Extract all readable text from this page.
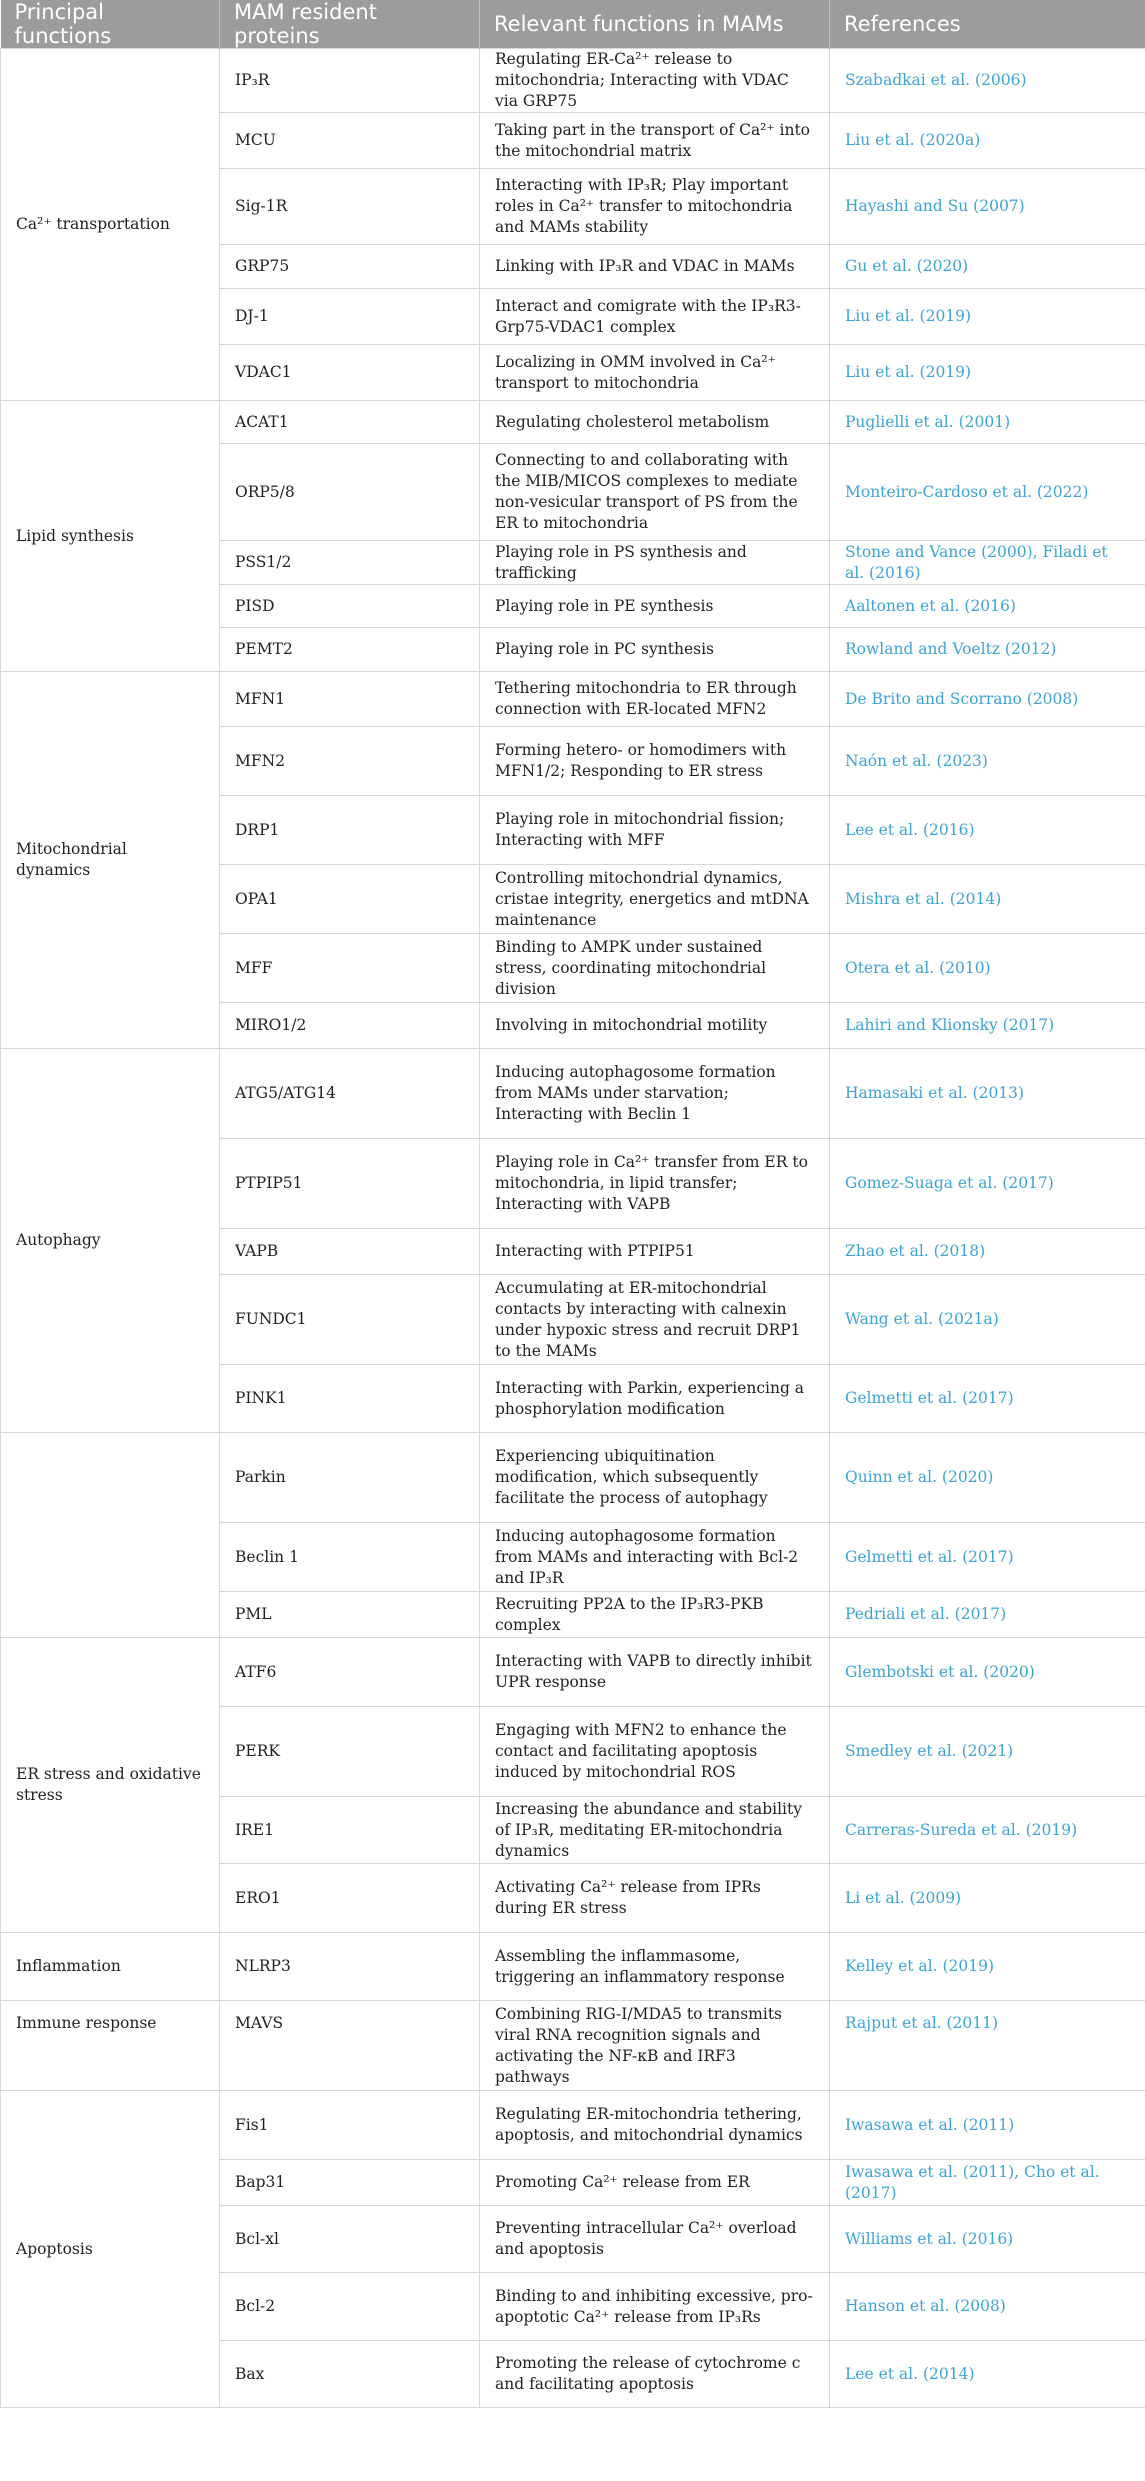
Principal functions	MAM resident proteins	Relevant functions in MAMs	References
Ca²⁺ transportation	IP₃R	Regulating ER-Ca²⁺ release to mitochondria; Interacting with VDAC via GRP75	Szabadkai et al. (2006)
	MCU	Taking part in the transport of Ca²⁺ into the mitochondrial matrix	Liu et al. (2020a)
	Sig-1R	Interacting with IP₃R; Play important roles in Ca²⁺ transfer to mitochondria and MAMs stability	Hayashi and Su (2007)
	GRP75	Linking with IP₃R and VDAC in MAMs	Gu et al. (2020)
	DJ-1	Interact and comigrate with the IP₃R3-Grp75-VDAC1 complex	Liu et al. (2019)
	VDAC1	Localizing in OMM involved in Ca²⁺ transport to mitochondria	Liu et al. (2019)
Lipid synthesis	ACAT1	Regulating cholesterol metabolism	Puglielli et al. (2001)
	ORP5/8	Connecting to and collaborating with the MIB/MICOS complexes to mediate non-vesicular transport of PS from the ER to mitochondria	Monteiro-Cardoso et al. (2022)
	PSS1/2	Playing role in PS synthesis and trafficking	Stone and Vance (2000), Filadi et al. (2016)
	PISD	Playing role in PE synthesis	Aaltonen et al. (2016)
	PEMT2	Playing role in PC synthesis	Rowland and Voeltz (2012)
Mitochondrial dynamics	MFN1	Tethering mitochondria to ER through connection with ER-located MFN2	De Brito and Scorrano (2008)
	MFN2	Forming hetero- or homodimers with MFN1/2; Responding to ER stress	Naón et al. (2023)
	DRP1	Playing role in mitochondrial fission; Interacting with MFF	Lee et al. (2016)
	OPA1	Controlling mitochondrial dynamics, cristae integrity, energetics and mtDNA maintenance	Mishra et al. (2014)
	MFF	Binding to AMPK under sustained stress, coordinating mitochondrial division	Otera et al. (2010)
	MIRO1/2	Involving in mitochondrial motility	Lahiri and Klionsky (2017)
Autophagy	ATG5/ATG14	Inducing autophagosome formation from MAMs under starvation; Interacting with Beclin 1	Hamasaki et al. (2013)
	PTPIP51	Playing role in Ca²⁺ transfer from ER to mitochondria, in lipid transfer; Interacting with VAPB	Gomez-Suaga et al. (2017)
	VAPB	Interacting with PTPIP51	Zhao et al. (2018)
	FUNDC1	Accumulating at ER-mitochondrial contacts by interacting with calnexin under hypoxic stress and recruit DRP1 to the MAMs	Wang et al. (2021a)
	PINK1	Interacting with Parkin, experiencing a phosphorylation modification	Gelmetti et al. (2017)
	Parkin	Experiencing ubiquitination modification, which subsequently facilitate the process of autophagy	Quinn et al. (2020)
	Beclin 1	Inducing autophagosome formation from MAMs and interacting with Bcl-2 and IP₃R	Gelmetti et al. (2017)
	PML	Recruiting PP2A to the IP₃R3-PKB complex	Pedriali et al. (2017)
ER stress and oxidative stress	ATF6	Interacting with VAPB to directly inhibit UPR response	Glembotski et al. (2020)
	PERK	Engaging with MFN2 to enhance the contact and facilitating apoptosis induced by mitochondrial ROS	Smedley et al. (2021)
	IRE1	Increasing the abundance and stability of IP₃R, meditating ER-mitochondria dynamics	Carreras-Sureda et al. (2019)
	ERO1	Activating Ca²⁺ release from IPRs during ER stress	Li et al. (2009)
Inflammation	NLRP3	Assembling the inflammasome, triggering an inflammatory response	Kelley et al. (2019)
Immune response	MAVS	Combining RIG-I/MDA5 to transmits viral RNA recognition signals and activating the NF-κB and IRF3 pathways	Rajput et al. (2011)
Apoptosis	Fis1	Regulating ER-mitochondria tethering, apoptosis, and mitochondrial dynamics	Iwasawa et al. (2011)
	Bap31	Promoting Ca²⁺ release from ER	Iwasawa et al. (2011), Cho et al. (2017)
	Bcl-xl	Preventing intracellular Ca²⁺ overload and apoptosis	Williams et al. (2016)
	Bcl-2	Binding to and inhibiting excessive, pro-apoptotic Ca²⁺ release from IP₃Rs	Hanson et al. (2008)
	Bax	Promoting the release of cytochrome c and facilitating apoptosis	Lee et al. (2014)
